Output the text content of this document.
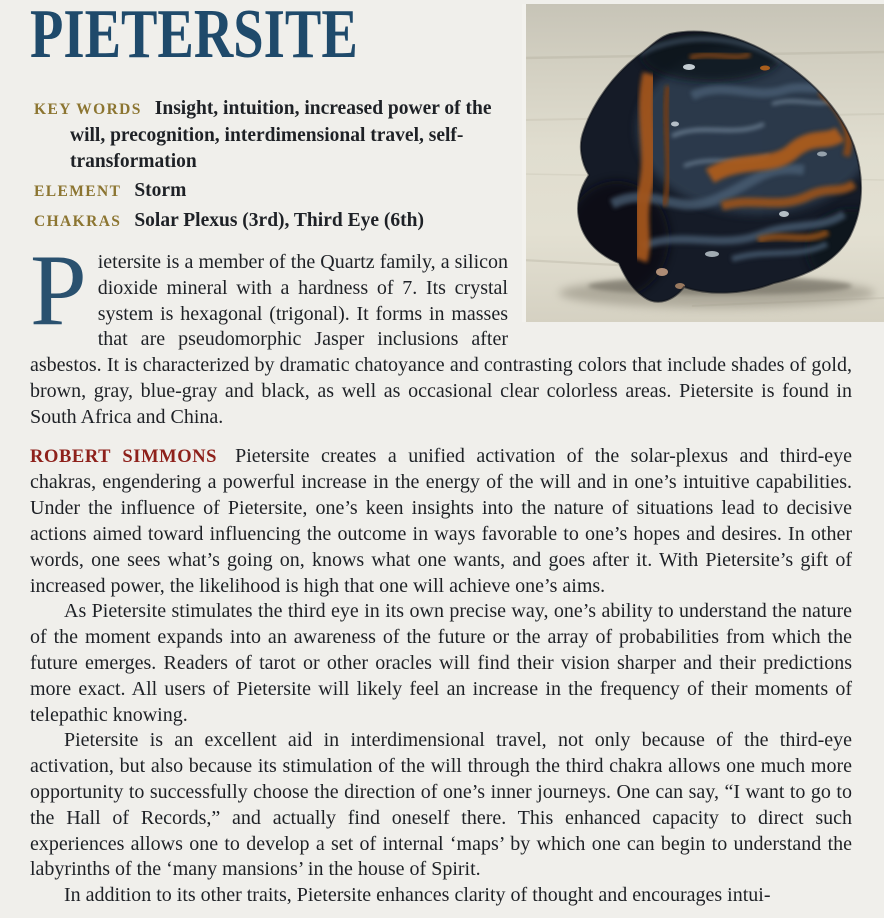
PIETERSITE

KEY WORDS Insight, intuition, increased power of the will, precognition, interdimensional travel, self-transformation

ELEMENT Storm

CHAKRAS Solar Plexus (3rd), Third Eye (6th)

Pietersite is a member of the Quartz family, a silicon dioxide mineral with a hardness of 7. Its crystal system is hexagonal (trigonal). It forms in masses that are pseudomorphic Jasper inclusions after asbestos. It is characterized by dramatic chatoyance and contrasting colors that include shades of gold, brown, gray, blue-gray and black, as well as occasional clear colorless areas. Pietersite is found in South Africa and China.

ROBERT SIMMONS Pietersite creates a unified activation of the solar-plexus and third-eye chakras, engendering a powerful increase in the energy of the will and in one’s intuitive capabilities. Under the influence of Pietersite, one’s keen insights into the nature of situations lead to decisive actions aimed toward influencing the outcome in ways favorable to one’s hopes and desires. In other words, one sees what’s going on, knows what one wants, and goes after it. With Pietersite’s gift of increased power, the likelihood is high that one will achieve one’s aims.

As Pietersite stimulates the third eye in its own precise way, one’s ability to understand the nature of the moment expands into an awareness of the future or the array of probabilities from which the future emerges. Readers of tarot or other oracles will find their vision sharper and their predictions more exact. All users of Pietersite will likely feel an increase in the frequency of their moments of telepathic knowing.

Pietersite is an excellent aid in interdimensional travel, not only because of the third-eye activation, but also because its stimulation of the will through the third chakra allows one much more opportunity to successfully choose the direction of one’s inner journeys. One can say, “I want to go to the Hall of Records,” and actually find oneself there. This enhanced capacity to direct such experiences allows one to develop a set of internal ‘maps’ by which one can begin to understand the labyrinths of the ‘many mansions’ in the house of Spirit.

In addition to its other traits, Pietersite enhances clarity of thought and encourages intui-
